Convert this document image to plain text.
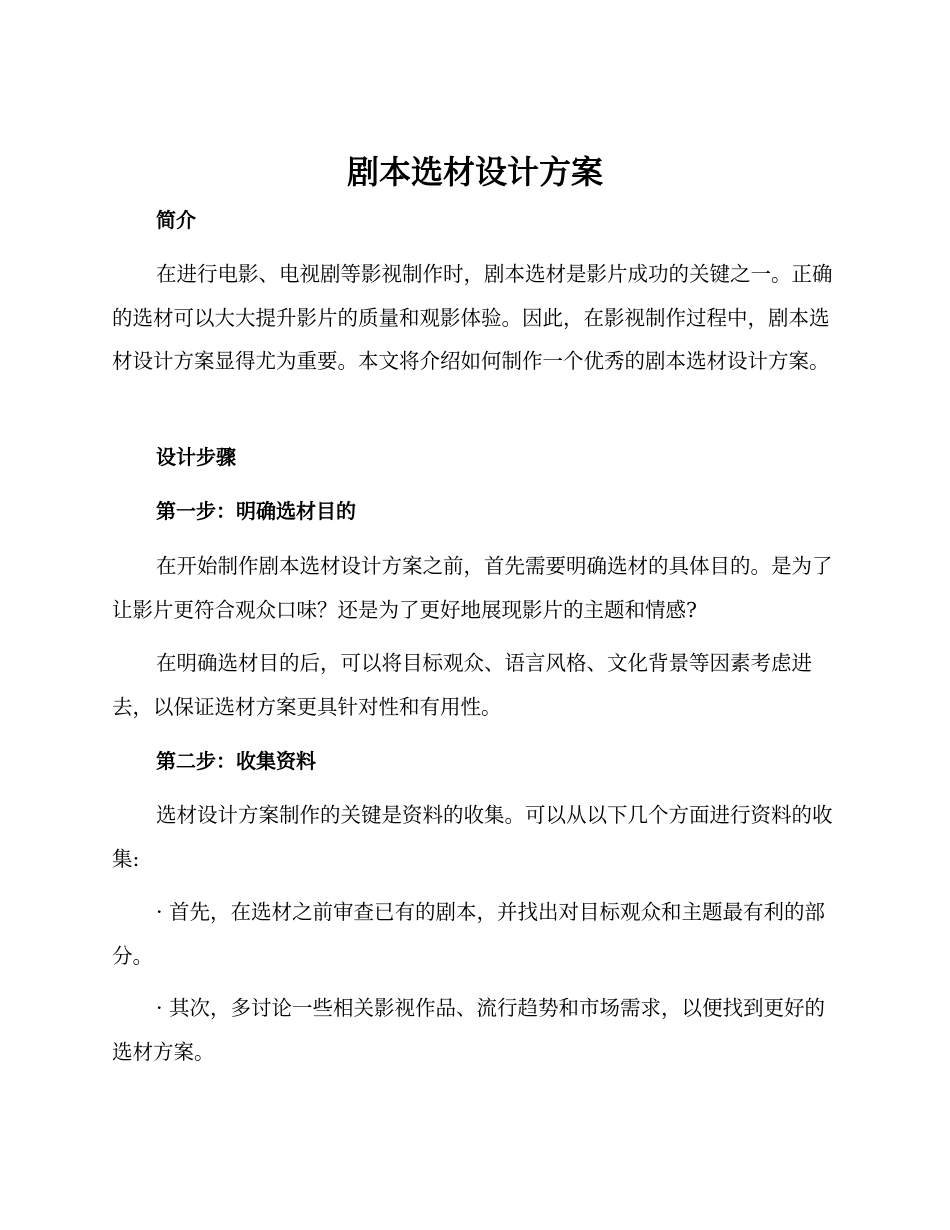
剧本选材设计方案
简介

在进行电影、电视剧等影视制作时，剧本选材是影片成功的关键之一。正确的选材可以大大提升影片的质量和观影体验。因此，在影视制作过程中，剧本选材设计方案显得尤为重要。本文将介绍如何制作一个优秀的剧本选材设计方案。

设计步骤
第一步：明确选材目的

在开始制作剧本选材设计方案之前，首先需要明确选材的具体目的。是为了让影片更符合观众口味？还是为了更好地展现影片的主题和情感?

在明确选材目的后，可以将目标观众、语言风格、文化背景等因素考虑进去，以保证选材方案更具针对性和有用性。

第二步：收集资料

选材设计方案制作的关键是资料的收集。可以从以下几个方面进行资料的收集:

· 首先，在选材之前审查已有的剧本，并找出对目标观众和主题最有利的部分。

· 其次，多讨论一些相关影视作品、流行趋势和市场需求，以便找到更好的选材方案。
